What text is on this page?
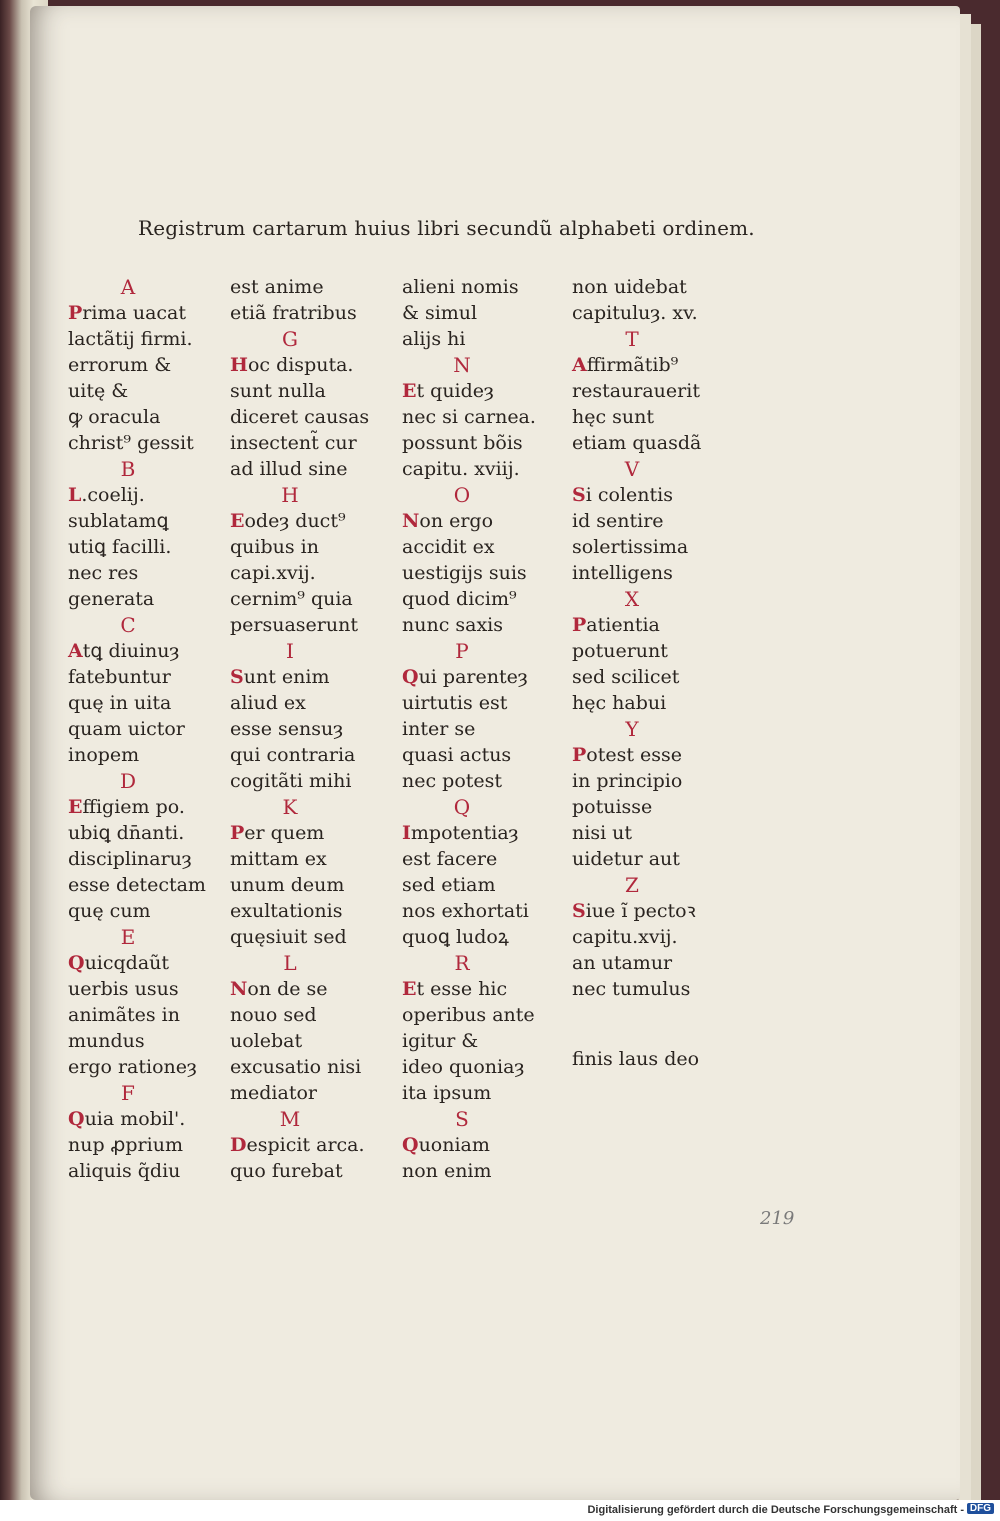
Registrum cartarum huius libri secundũ alphabeti ordinem.
A
Prima uacat
lactãtij firmi.
errorum &
uitę &
ꝙ oracula
christ⁹ gessit
B
L.coelij.
sublatamꝗ
utiꝗ facilli.
nec res
generata
C
Atꝗ diuinuȝ
fatebuntur
quę in uita
quam uictor
inopem
D
Effigiem po.
ubiꝗ dn̄anti.
disciplinaruȝ
esse detectam
quę cum
E
Quicqdaũt
uerbis usus
animãtes in
mundus
ergo rationeȝ
F
Quia mobil'.
nup ꝓprium
aliquis q̃diu
est anime
etiã fratribus
G
Hoc disputa.
sunt nulla
diceret causas
insectent̃ cur
ad illud sine
H
Eodeȝ duct⁹
quibus in
capi.xvij.
cernim⁹ quia
persuaserunt
I
Sunt enim
aliud ex
esse sensuȝ
qui contraria
cogitãti mihi
K
Per quem
mittam ex
unum deum
exultationis
quęsiuit sed
L
Non de se
nouo sed
uolebat
excusatio nisi
mediator
M
Despicit arca.
quo furebat
alieni nomis
& simul
alijs hi
N
Et quideȝ
nec si carnea.
possunt bõis
capitu. xviij.
O
Non ergo
accidit ex
uestigijs suis
quod dicim⁹
nunc saxis
P
Qui parenteȝ
uirtutis est
inter se
quasi actus
nec potest
Q
Impotentiaȝ
est facere
sed etiam
nos exhortati
quoꝗ ludoꝝ
R
Et esse hic
operibus ante
igitur &
ideo quoniaȝ
ita ipsum
S
Quoniam
non enim
non uidebat
capituluȝ. xv.
T
Affirmãtib⁹
restaurauerit
hęc sunt
etiam quasdã
V
Si colentis
id sentire
solertissima
intelligens
X
Patientia
potuerunt
sed scilicet
hęc habui
Y
Potest esse
in principio
potuisse
nisi ut
uidetur aut
Z
Siue ĩ pectoꝛ
capitu.xvij.
an utamur
nec tumulus
finis laus deo
219
Digitalisierung gefördert durch die Deutsche Forschungsgemeinschaft - DFG
